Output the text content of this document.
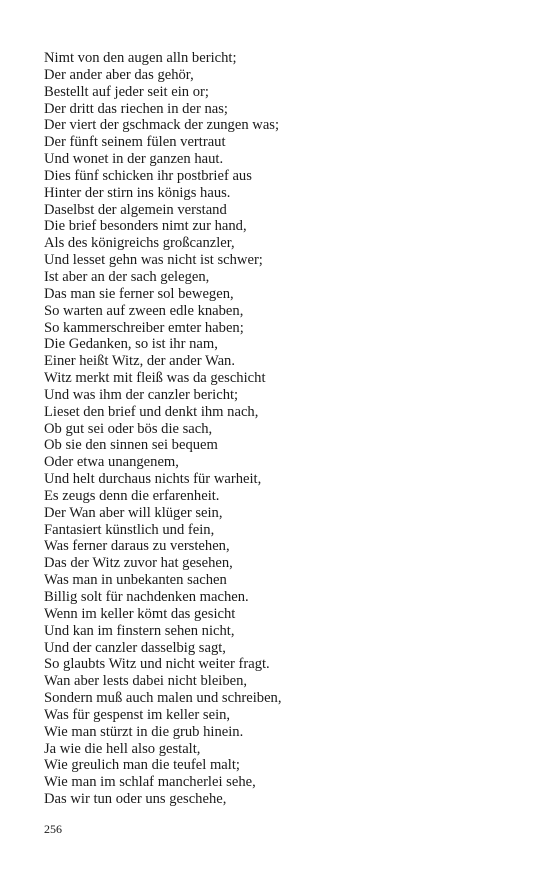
Nimt von den augen alln bericht;
Der ander aber das gehör,
Bestellt auf jeder seit ein or;
Der dritt das riechen in der nas;
Der viert der gschmack der zungen was;
Der fünft seinem fülen vertraut
Und wonet in der ganzen haut.
Dies fünf schicken ihr postbrief aus
Hinter der stirn ins königs haus.
Daselbst der algemein verstand
Die brief besonders nimt zur hand,
Als des königreichs großcanzler,
Und lesset gehn was nicht ist schwer;
Ist aber an der sach gelegen,
Das man sie ferner sol bewegen,
So warten auf zween edle knaben,
So kammerschreiber emter haben;
Die Gedanken, so ist ihr nam,
Einer heißt Witz, der ander Wan.
Witz merkt mit fleiß was da geschicht
Und was ihm der canzler bericht;
Lieset den brief und denkt ihm nach,
Ob gut sei oder bös die sach,
Ob sie den sinnen sei bequem
Oder etwa unangenem,
Und helt durchaus nichts für warheit,
Es zeugs denn die erfarenheit.
Der Wan aber will klüger sein,
Fantasiert künstlich und fein,
Was ferner daraus zu verstehen,
Das der Witz zuvor hat gesehen,
Was man in unbekanten sachen
Billig solt für nachdenken machen.
Wenn im keller kömt das gesicht
Und kan im finstern sehen nicht,
Und der canzler dasselbig sagt,
So glaubts Witz und nicht weiter fragt.
Wan aber lests dabei nicht bleiben,
Sondern muß auch malen und schreiben,
Was für gespenst im keller sein,
Wie man stürzt in die grub hinein.
Ja wie die hell also gestalt,
Wie greulich man die teufel malt;
Wie man im schlaf mancherlei sehe,
Das wir tun oder uns geschehe,
256
